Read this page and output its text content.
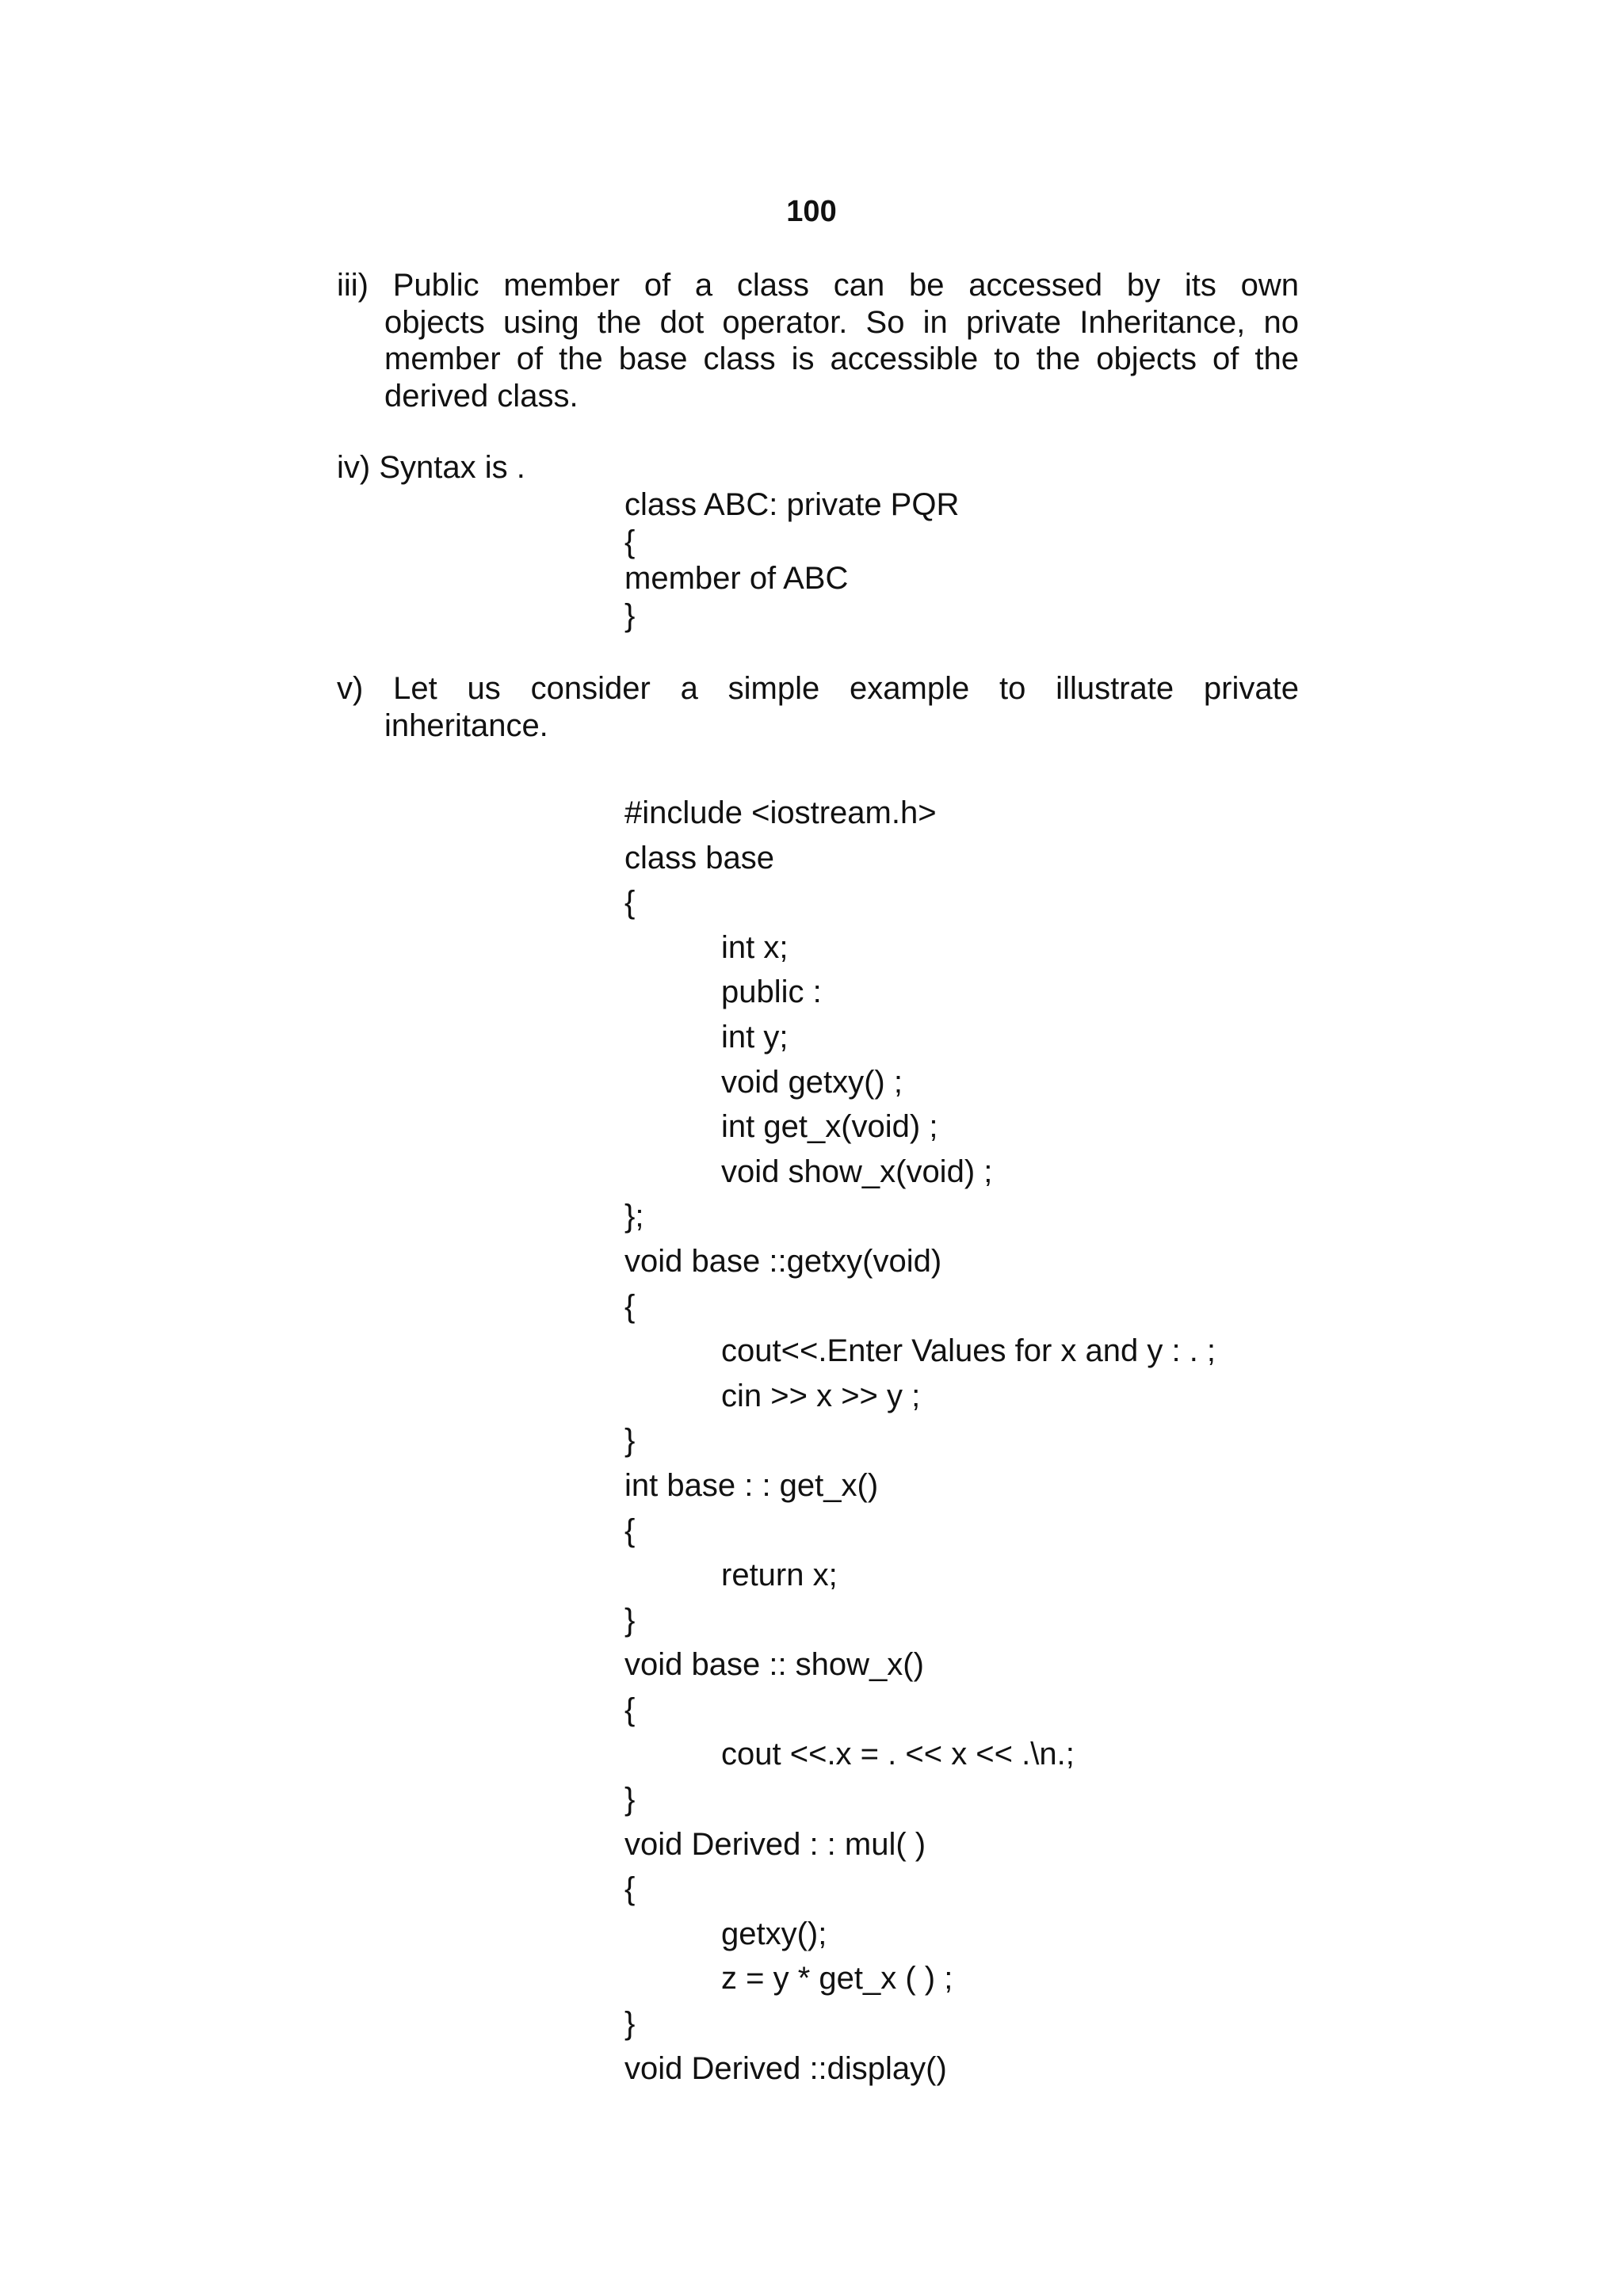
100
iii) Public member of a class can be accessed by its own
objects using the dot operator. So in private Inheritance, no
member of the base class is accessible to the objects of the
derived class.
iv) Syntax is .
class ABC: private PQR
{
member of ABC
}
v) Let us consider a simple example to illustrate private
inheritance.
#include <iostream.h>
class base
{
int x;
public :
int y;
void getxy() ;
int get_x(void) ;
void show_x(void) ;
};
void base ::getxy(void)
{
cout<<.Enter Values for x and y : . ;
cin >> x >> y ;
}
int base : : get_x()
{
return x;
}
void base :: show_x()
{
cout <<.x = . << x << .\n.;
}
void Derived : : mul( )
{
getxy();
z = y * get_x ( ) ;
}
void Derived ::display()
